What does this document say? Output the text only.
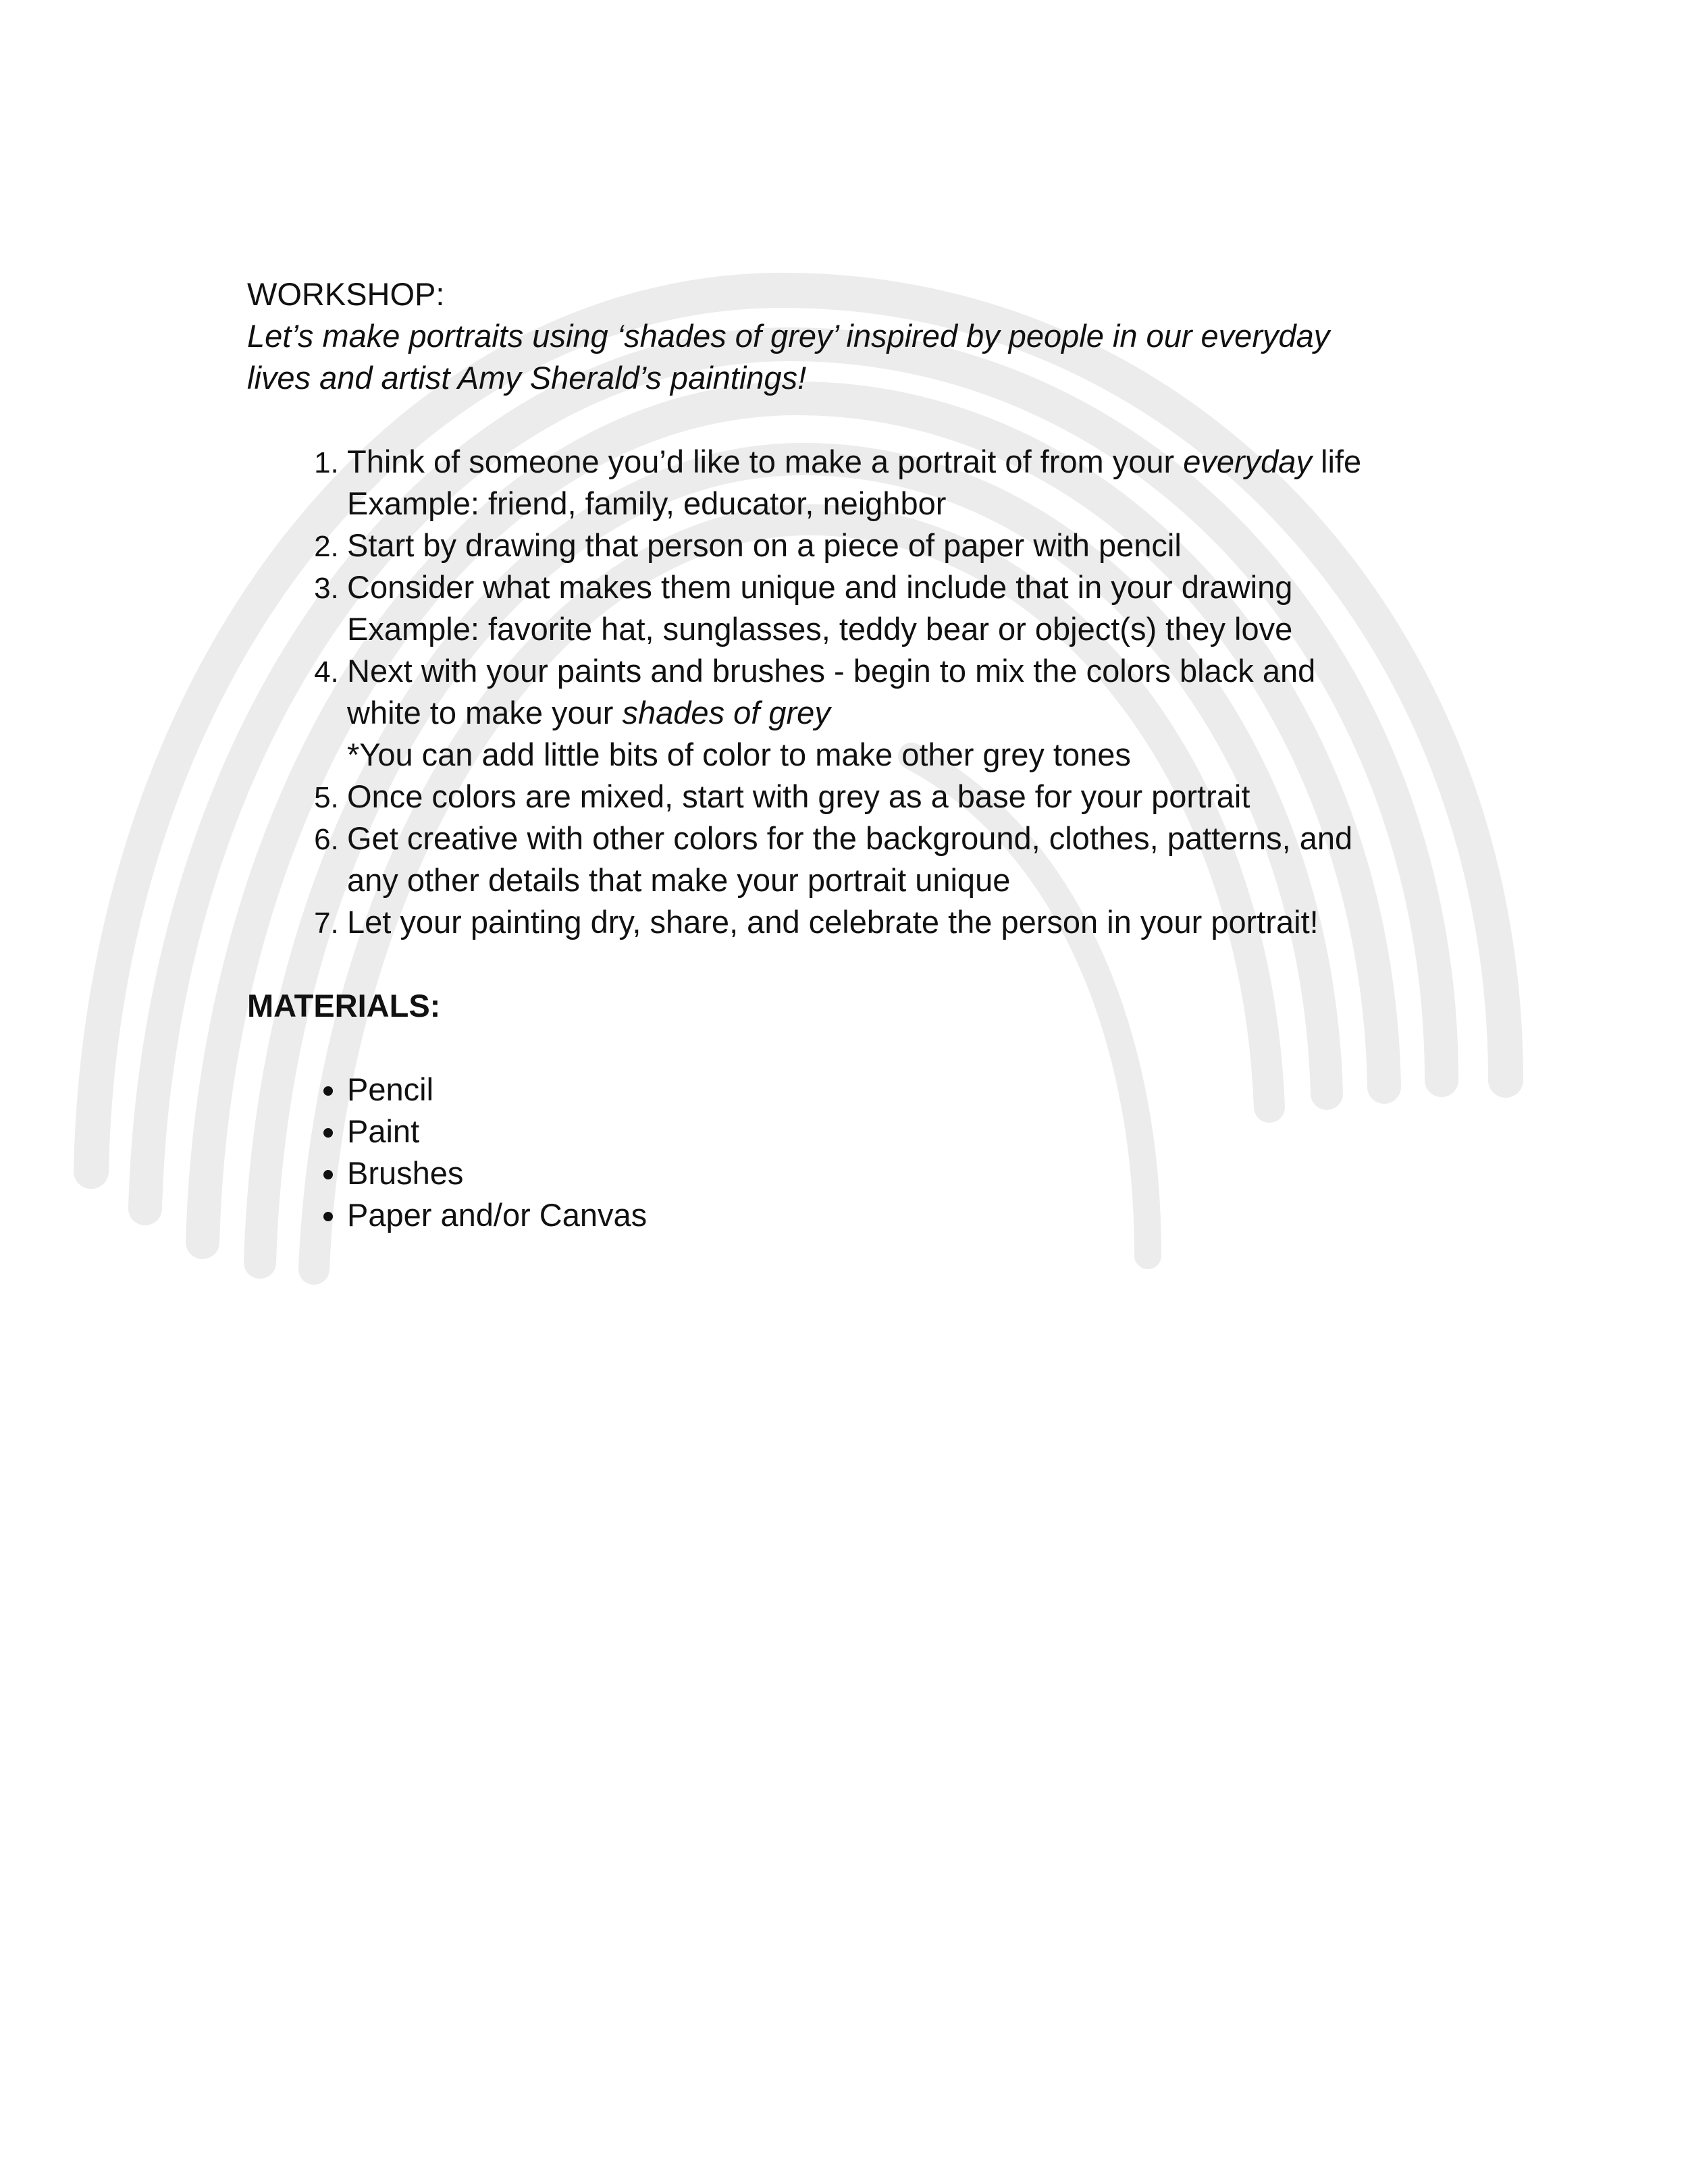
WORKSHOP:

Let’s make portraits using ‘shades of grey’ inspired by people in our everyday
lives and artist Amy Sherald’s paintings!

1. Think of someone you’d like to make a portrait of from your everyday life
Example: friend, family, educator, neighbor
2. Start by drawing that person on a piece of paper with pencil
3. Consider what makes them unique and include that in your drawing
Example: favorite hat, sunglasses, teddy bear or object(s) they love
4. Next with your paints and brushes - begin to mix the colors black and
white to make your shades of grey
*You can add little bits of color to make other grey tones
5. Once colors are mixed, start with grey as a base for your portrait
6. Get creative with other colors for the background, clothes, patterns, and
any other details that make your portrait unique
7. Let your painting dry, share, and celebrate the person in your portrait!

MATERIALS:

• Pencil
• Paint
• Brushes
• Paper and/or Canvas
